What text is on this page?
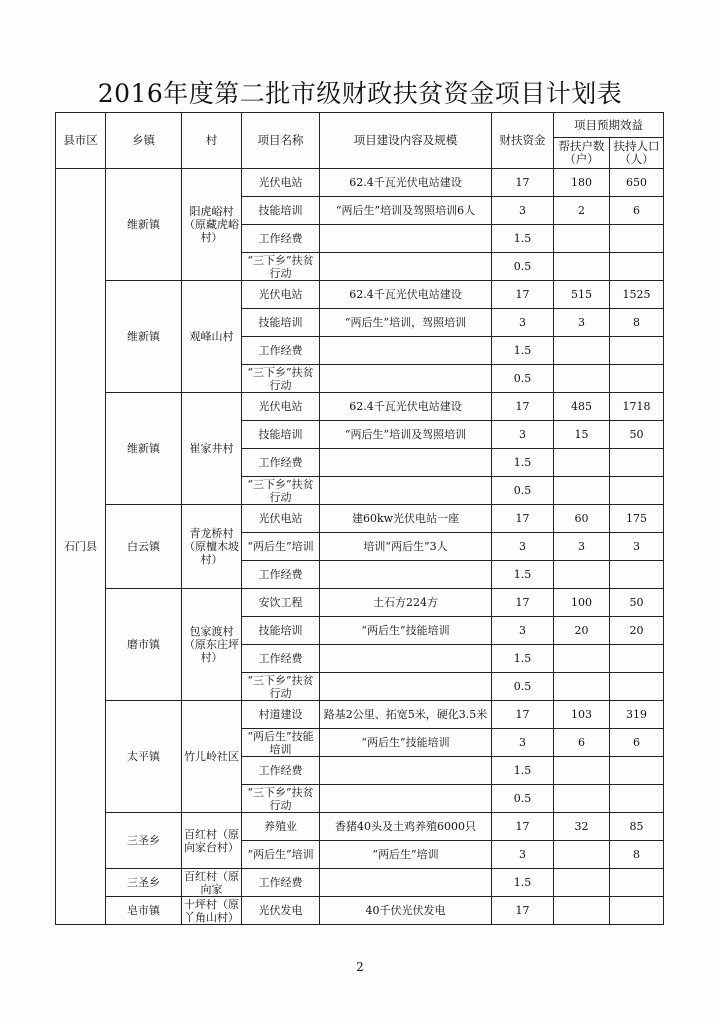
2016年度第二批市级财政扶贫资金项目计划表
县市区	乡镇	村	项目名称	项目建设内容及规模	财扶资金	项目预期效益	
						帮扶户数（户）	扶持人口（人）
石门县	维新镇	阳虎峪村（原藏虎峪村）	光伏电站	62.4千瓦光伏电站建设	17	180	650
			技能培训	“两后生”培训及驾照培训6人	3	2	6
			工作经费		1.5		
			“三下乡”扶贫行动		0.5		
	维新镇	观峰山村	光伏电站	62.4千瓦光伏电站建设	17	515	1525
			技能培训	“两后生”培训，驾照培训	3	3	8
			工作经费		1.5		
			“三下乡”扶贫行动		0.5		
	维新镇	崔家井村	光伏电站	62.4千瓦光伏电站建设	17	485	1718
			技能培训	“两后生”培训及驾照培训	3	15	50
			工作经费		1.5		
			“三下乡”扶贫行动		0.5		
	白云镇	青龙桥村（原檀木坡村）	光伏电站	建60kw光伏电站一座	17	60	175
			“两后生”培训	培训“两后生”3人	3	3	3
			工作经费		1.5		
	磨市镇	包家渡村（原东庄坪村）	安饮工程	土石方224方	17	100	50
			技能培训	“两后生”技能培训	3	20	20
			工作经费		1.5		
			“三下乡”扶贫行动		0.5		
	太平镇	竹儿岭社区	村道建设	路基2公里、拓宽5米，硬化3.5米	17	103	319
			“两后生”技能培训	“两后生”技能培训	3	6	6
			工作经费		1.5		
			“三下乡”扶贫行动		0.5		
	三圣乡	百红村（原向家台村）	养殖业	香猪40头及土鸡养殖6000只	17	32	85
			“两后生”培训	“两后生”培训	3		8
	三圣乡	百红村（原向家	工作经费		1.5		
	皂市镇	十坪村（原丫角山村）	光伏发电	40千伏光伏发电	17		
2
